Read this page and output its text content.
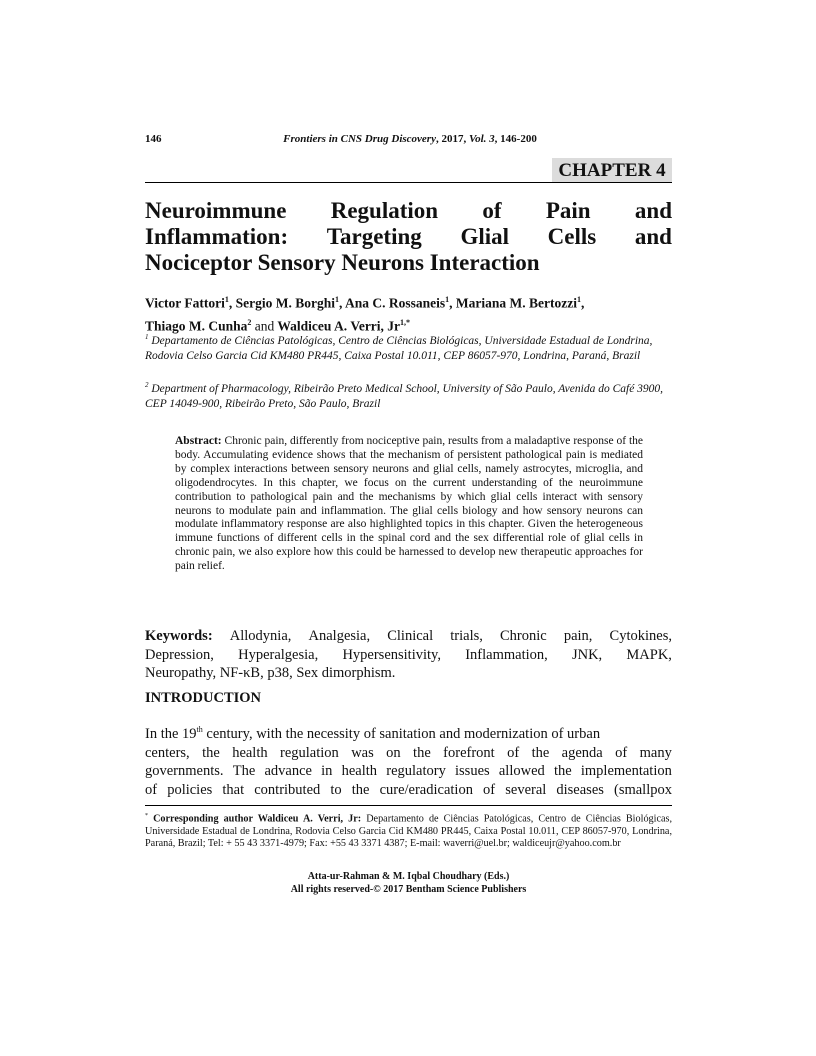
146	Frontiers in CNS Drug Discovery, 2017, Vol. 3, 146-200
CHAPTER 4
Neuroimmune Regulation of Pain and
Inflammation: Targeting Glial Cells and
Nociceptor Sensory Neurons Interaction
Victor Fattori$^1$, Sergio M. Borghi$^1$, Ana C. Rossaneis$^1$, Mariana M. Bertozzi$^1$,
Thiago M. Cunha$^2$ and Waldiceu A. Verri, $Jr^{1,*}$
$^1$ Departamento de Ciências Patológicas, Centro de Ciências Biológicas, Universidade Estadual de Londrina, Rodovia Celso Garcia Cid KM480 PR445, Caixa Postal 10.011, CEP 86057-970, Londrina, Paraná, Brazil
$^2$ Department of Pharmacology, Ribeirão Preto Medical School, University of São Paulo, Avenida do Café 3900, CEP 14049-900, Ribeirão Preto, São Paulo, Brazil
Abstract: Chronic pain, differently from nociceptive pain, results from a maladaptive response of the body. Accumulating evidence shows that the mechanism of persistent pathological pain is mediated by complex interactions between sensory neurons and glial cells, namely astrocytes, microglia, and oligodendrocytes. In this chapter, we focus on the current understanding of the neuroimmune contribution to pathological pain and the mechanisms by which glial cells interact with sensory neurons to modulate pain and inflammation. The glial cells biology and how sensory neurons can modulate inflammatory response are also highlighted topics in this chapter. Given the heterogeneous immune functions of different cells in the spinal cord and the sex differential role of glial cells in chronic pain, we also explore how this could be harnessed to develop new therapeutic approaches for pain relief.
Keywords: Allodynia, Analgesia, Clinical trials, Chronic pain, Cytokines,
Depression, Hyperalgesia, Hypersensitivity, Inflammation, JNK, MAPK,
Neuropathy, NF-κB, p38, Sex dimorphism.
INTRODUCTION
In the 19th century, with the necessity of sanitation and modernization of urban
centers, the health regulation was on the forefront of the agenda of many
governments. The advance in health regulatory issues allowed the implementation
of policies that contributed to the cure/eradication of several diseases (smallpox
* Corresponding author Waldiceu A. Verri, Jr: Departamento de Ciências Patológicas, Centro de Ciências Biológicas, Universidade Estadual de Londrina, Rodovia Celso Garcia Cid KM480 PR445, Caixa Postal 10.011, CEP 86057-970, Londrina, Paraná, Brazil; Tel: + 55 43 3371-4979; Fax: +55 43 3371 4387; E-mail: waverri@uel.br; waldiceujr@yahoo.com.br
Atta-ur-Rahman & M. Iqbal Choudhary (Eds.)
All rights reserved-© 2017 Bentham Science Publishers
